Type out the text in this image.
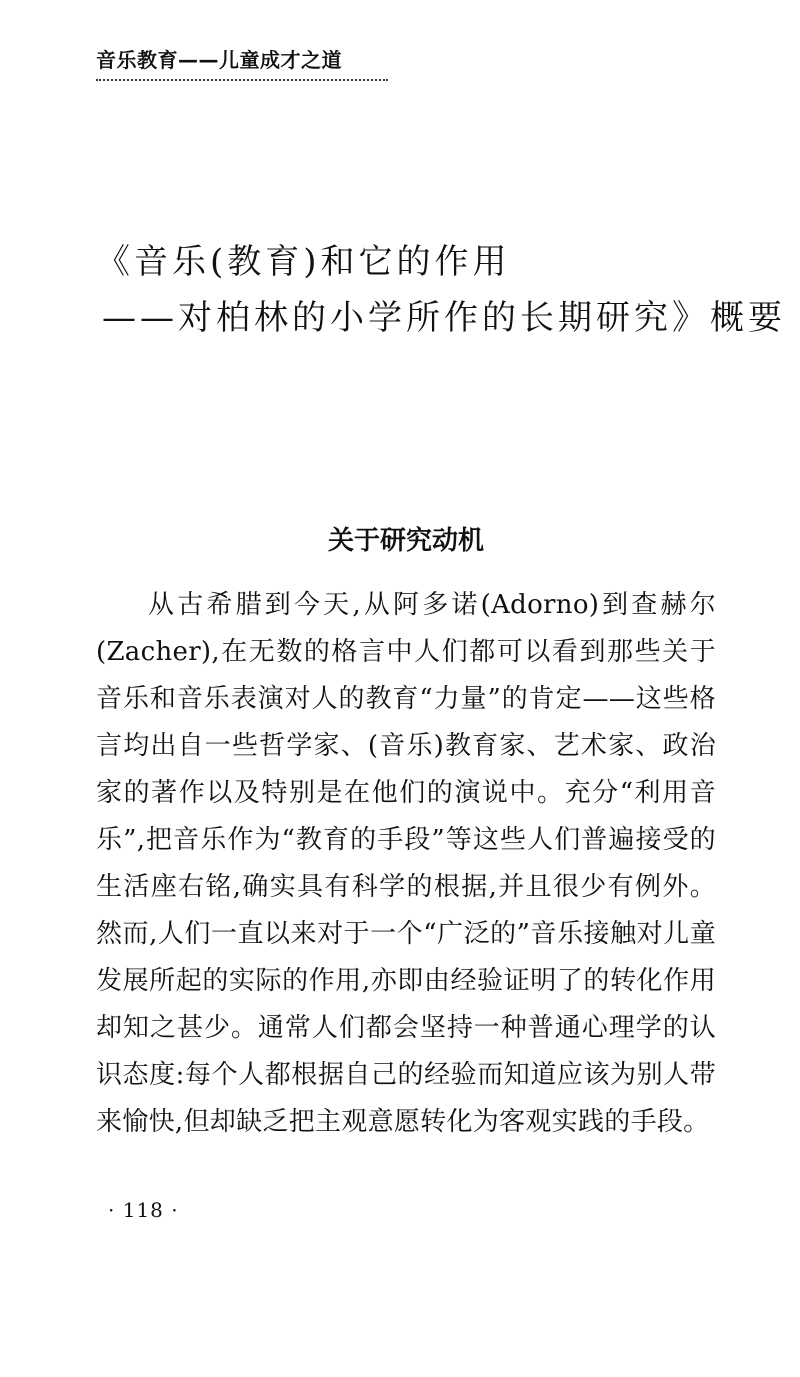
音乐教育——儿童成才之道
《音乐(教育)和它的作用
——对柏林的小学所作的长期研究》概要
关于研究动机

从古希腊到今天,从阿多诺(Adorno)到查赫尔(Zacher),在无数的格言中人们都可以看到那些关于音乐和音乐表演对人的教育“力量”的肯定——这些格言均出自一些哲学家、(音乐)教育家、艺术家、政治家的著作以及特别是在他们的演说中。充分“利用音乐”,把音乐作为“教育的手段”等这些人们普遍接受的生活座右铭,确实具有科学的根据,并且很少有例外。然而,人们一直以来对于一个“广泛的”音乐接触对儿童发展所起的实际的作用,亦即由经验证明了的转化作用却知之甚少。通常人们都会坚持一种普通心理学的认识态度:每个人都根据自己的经验而知道应该为别人带来愉快,但却缺乏把主观意愿转化为客观实践的手段。

· 118 ·
